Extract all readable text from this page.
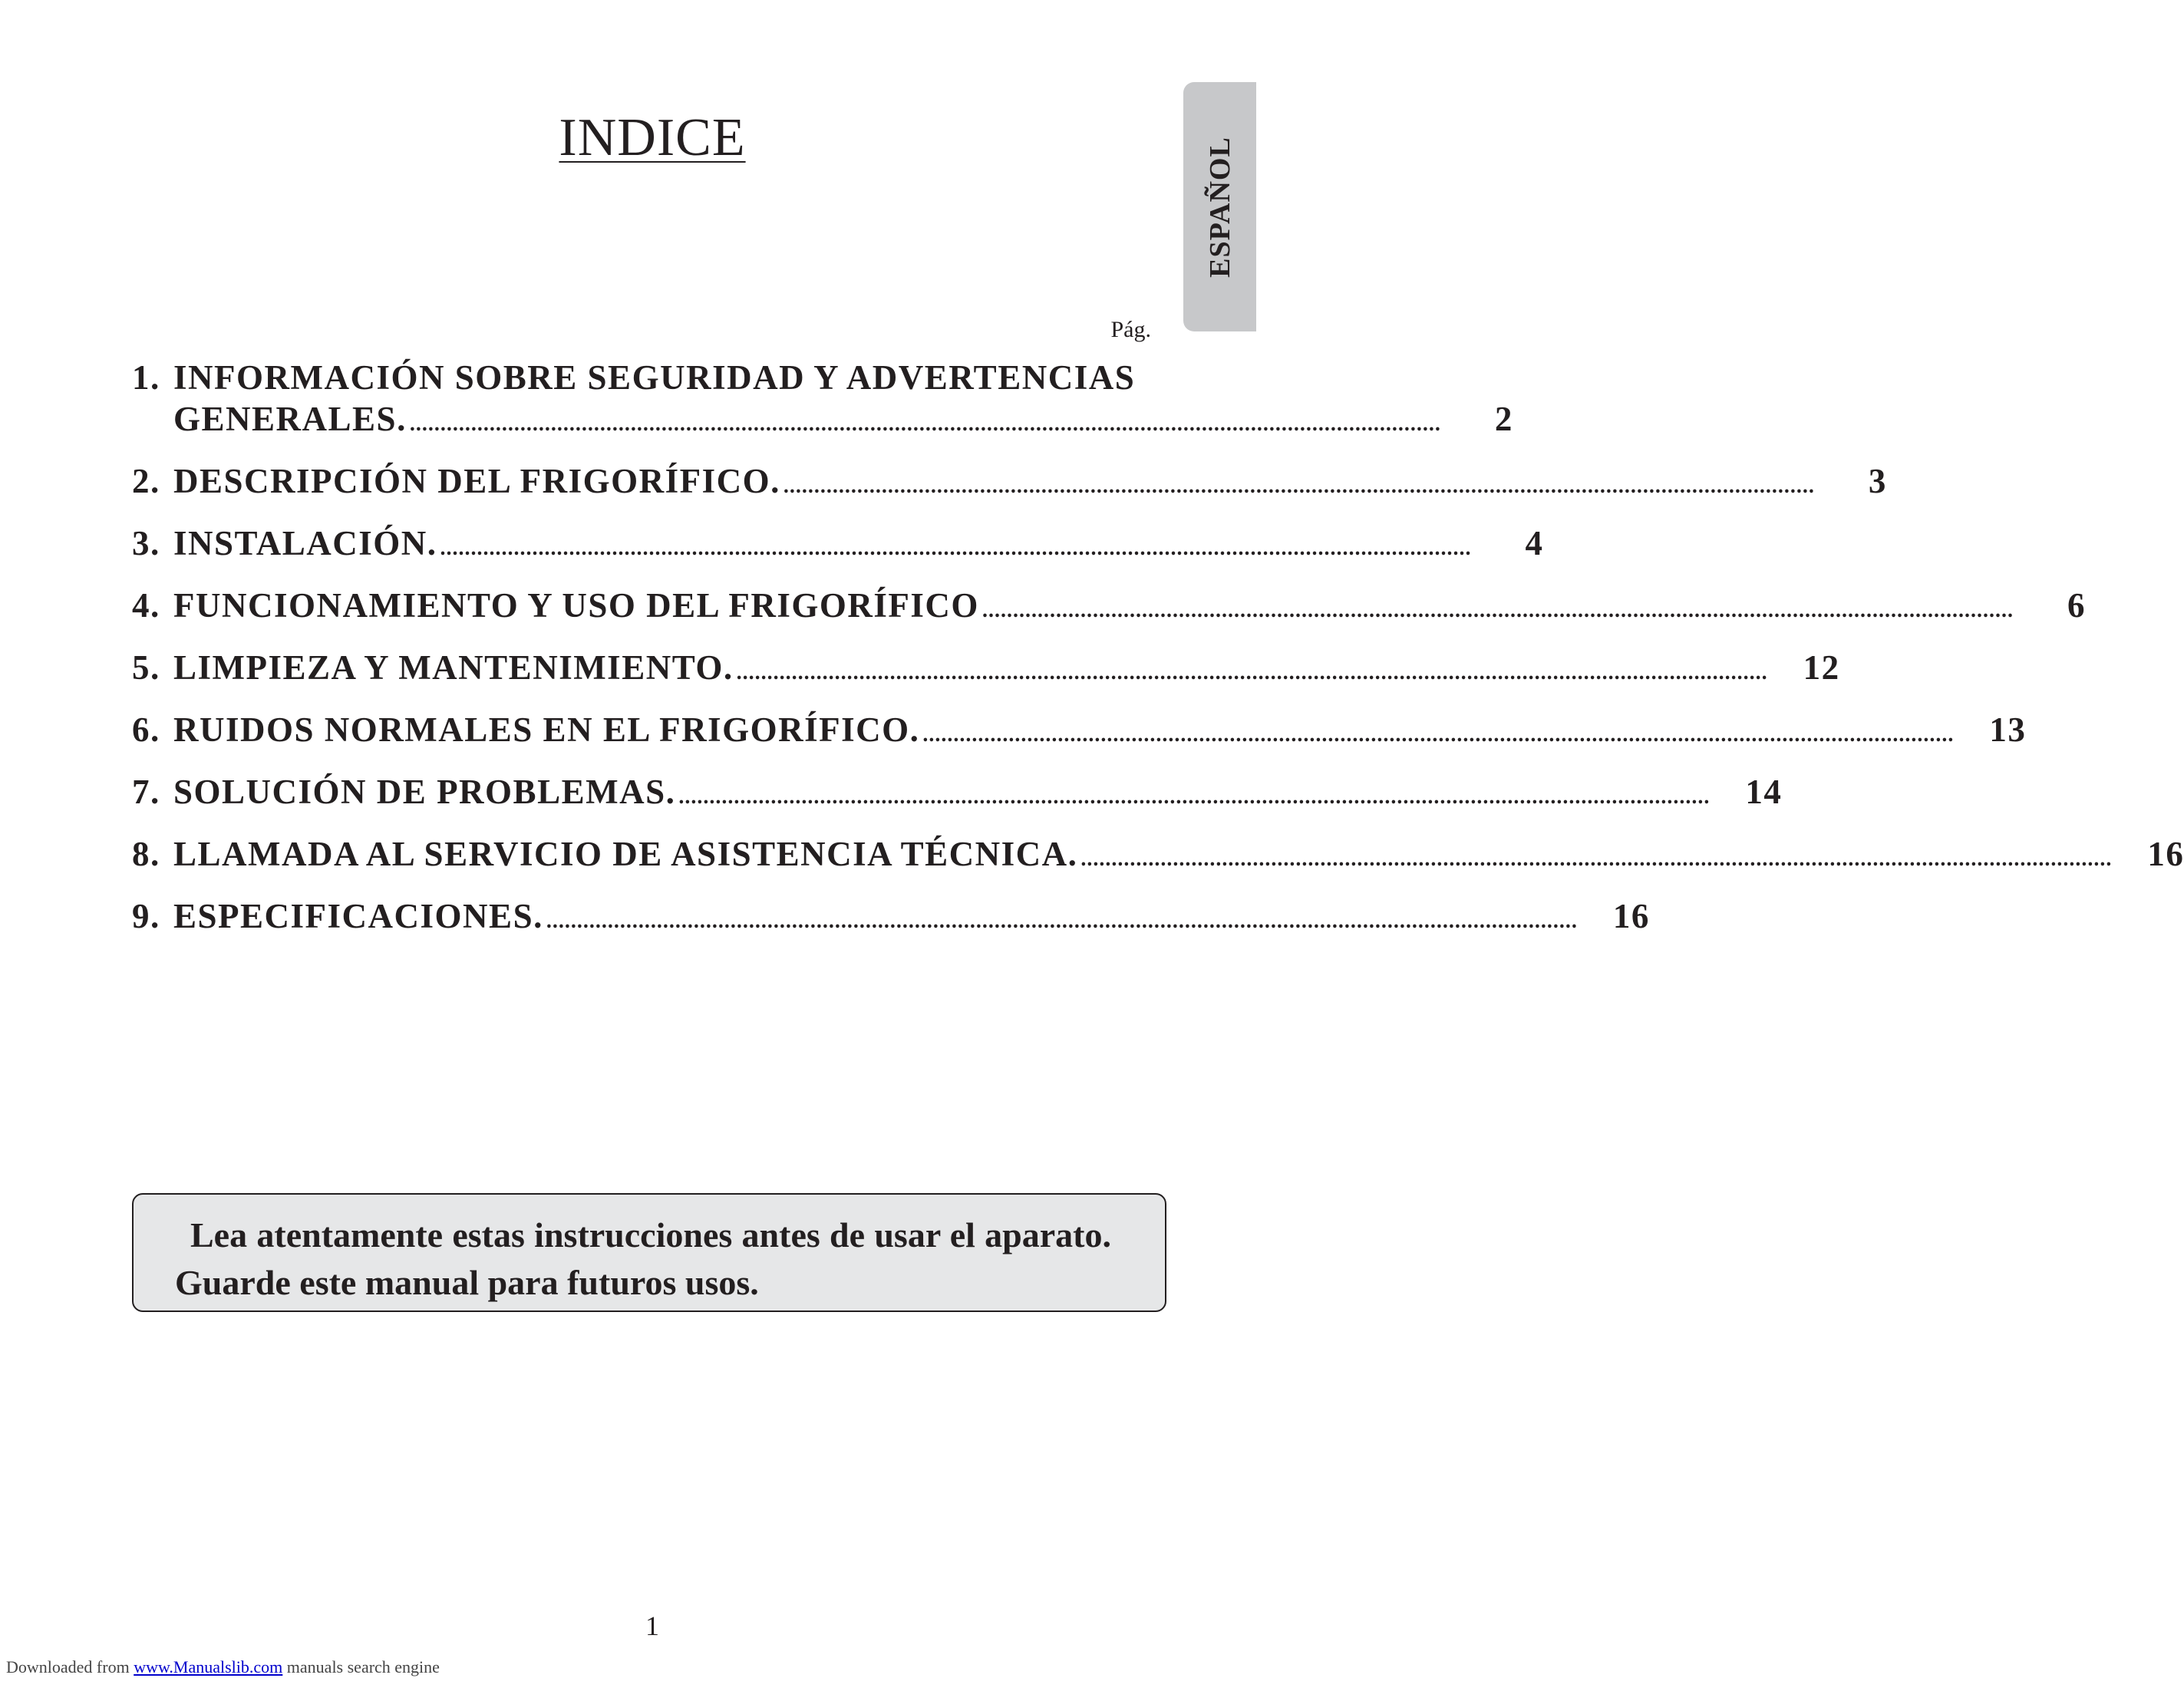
INDICE	ESPAÑOL
Pág.
1. INFORMACIÓN SOBRE SEGURIDAD Y ADVERTENCIAS
GENERALES. .....	2
2. DESCRIPCIÓN DEL FRIGORÍFICO. .....	3
3. INSTALACIÓN. .....	4
4. FUNCIONAMIENTO Y USO DEL FRIGORÍFICO .....	6
5. LIMPIEZA Y MANTENIMIENTO. .....	12
6. RUIDOS NORMALES EN EL FRIGORÍFICO. .....	13
7. SOLUCIÓN DE PROBLEMAS. .....	14
8. LLAMADA AL SERVICIO DE ASISTENCIA TÉCNICA. .....	16
9. ESPECIFICACIONES. .....	16
Lea atentamente estas instrucciones antes de usar el aparato. Guarde este manual para futuros usos.
1
Downloaded from www.Manualslib.com manuals search engine
